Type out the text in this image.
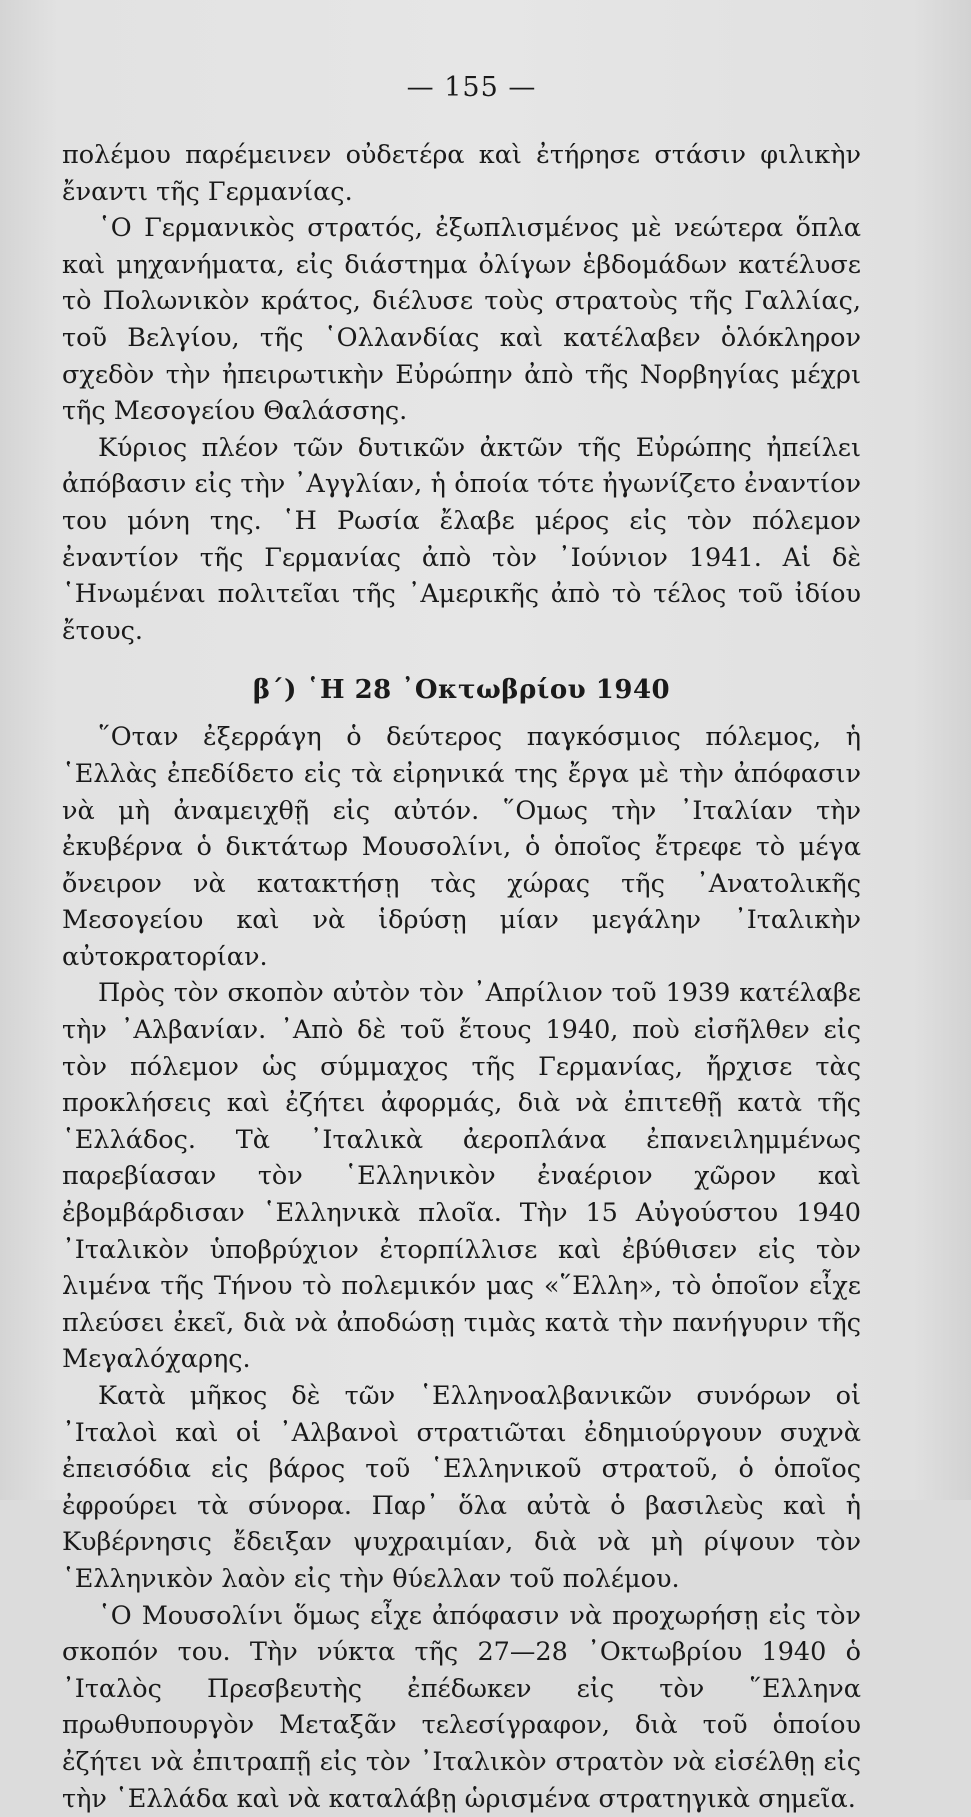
— 155 —

πολέμου παρέμεινεν οὐδετέρα καὶ ἐτήρησε στάσιν φιλικὴν ἔναντι τῆς Γερμανίας.

῾Ο Γερμανικὸς στρατός, ἐξωπλισμένος μὲ νεώτερα ὅπλα καὶ μηχανήματα, εἰς διάστημα ὀλίγων ἑβδομάδων κατέλυσε τὸ Πολωνικὸν κράτος, διέλυσε τοὺς στρατοὺς τῆς Γαλλίας, τοῦ Βελγίου, τῆς ῾Ολλανδίας καὶ κατέλαβεν ὁλόκληρον σχεδὸν τὴν ἠπειρωτικὴν Εὐρώπην ἀπὸ τῆς Νορβηγίας μέχρι τῆς Μεσογείου Θαλάσσης.

Κύριος πλέον τῶν δυτικῶν ἀκτῶν τῆς Εὐρώπης ἠπείλει ἀπόβασιν εἰς τὴν ᾿Αγγλίαν, ἡ ὁποία τότε ἠγωνίζετο ἐναντίον του μόνη της. ῾Η Ρωσία ἔλαβε μέρος εἰς τὸν πόλεμον ἐναντίον τῆς Γερμανίας ἀπὸ τὸν ᾿Ιούνιον 1941. Αἱ δὲ ῾Ηνωμέναι πολιτεῖαι τῆς ᾿Αμερικῆς ἀπὸ τὸ τέλος τοῦ ἰδίου ἔτους.

β΄) ῾Η 28 ᾿Οκτωβρίου 1940

῞Οταν ἐξερράγη ὁ δεύτερος παγκόσμιος πόλεμος, ἡ ῾Ελλὰς ἐπεδίδετο εἰς τὰ εἰρηνικά της ἔργα μὲ τὴν ἀπόφασιν νὰ μὴ ἀναμειχθῇ εἰς αὐτόν. ῞Ομως τὴν ᾿Ιταλίαν τὴν ἐκυβέρνα ὁ δικτάτωρ Μουσολίνι, ὁ ὁποῖος ἔτρεφε τὸ μέγα ὄνειρον νὰ κατακτήσῃ τὰς χώρας τῆς ᾿Ανατολικῆς Μεσογείου καὶ νὰ ἱδρύσῃ μίαν μεγάλην ᾿Ιταλικὴν αὐτοκρατορίαν.

Πρὸς τὸν σκοπὸν αὐτὸν τὸν ᾿Απρίλιον τοῦ 1939 κατέλαβε τὴν ᾿Αλβανίαν. ᾿Απὸ δὲ τοῦ ἔτους 1940, ποὺ εἰσῆλθεν εἰς τὸν πόλεμον ὡς σύμμαχος τῆς Γερμανίας, ἤρχισε τὰς προκλήσεις καὶ ἐζήτει ἀφορμάς, διὰ νὰ ἐπιτεθῇ κατὰ τῆς ῾Ελλάδος. Τὰ ᾿Ιταλικὰ ἀεροπλάνα ἐπανειλημμένως παρεβίασαν τὸν ῾Ελληνικὸν ἐναέριον χῶρον καὶ ἐβομβάρδισαν ῾Ελληνικὰ πλοῖα. Τὴν 15 Αὐγούστου 1940 ᾿Ιταλικὸν ὑποβρύχιον ἐτορπίλλισε καὶ ἐβύθισεν εἰς τὸν λιμένα τῆς Τήνου τὸ πολεμικόν μας «῞Ελλη», τὸ ὁποῖον εἶχε πλεύσει ἐκεῖ, διὰ νὰ ἀποδώσῃ τιμὰς κατὰ τὴν πανήγυριν τῆς Μεγαλόχαρης.

Κατὰ μῆκος δὲ τῶν ῾Ελληνοαλβανικῶν συνόρων οἱ ᾿Ιταλοὶ καὶ οἱ ᾿Αλβανοὶ στρατιῶται ἐδημιούργουν συχνὰ ἐπεισόδια εἰς βάρος τοῦ ῾Ελληνικοῦ στρατοῦ, ὁ ὁποῖος ἐφρούρει τὰ σύνορα. Παρ᾿ ὅλα αὐτὰ ὁ βασιλεὺς καὶ ἡ Κυβέρνησις ἔδειξαν ψυχραιμίαν, διὰ νὰ μὴ ρίψουν τὸν ῾Ελληνικὸν λαὸν εἰς τὴν θύελλαν τοῦ πολέμου.

῾Ο Μουσολίνι ὅμως εἶχε ἀπόφασιν νὰ προχωρήσῃ εἰς τὸν σκοπόν του. Τὴν νύκτα τῆς 27—28 ᾿Οκτωβρίου 1940 ὁ ᾿Ιταλὸς Πρεσβευτὴς ἐπέδωκεν εἰς τὸν ῞Ελληνα πρωθυπουργὸν Μεταξᾶν τελεσίγραφον, διὰ τοῦ ὁποίου ἐζήτει νὰ ἐπιτραπῇ εἰς τὸν ᾿Ιταλικὸν στρατὸν νὰ εἰσέλθῃ εἰς τὴν ῾Ελλάδα καὶ νὰ καταλάβῃ ὡρισμένα στρατηγικὰ σημεῖα.
